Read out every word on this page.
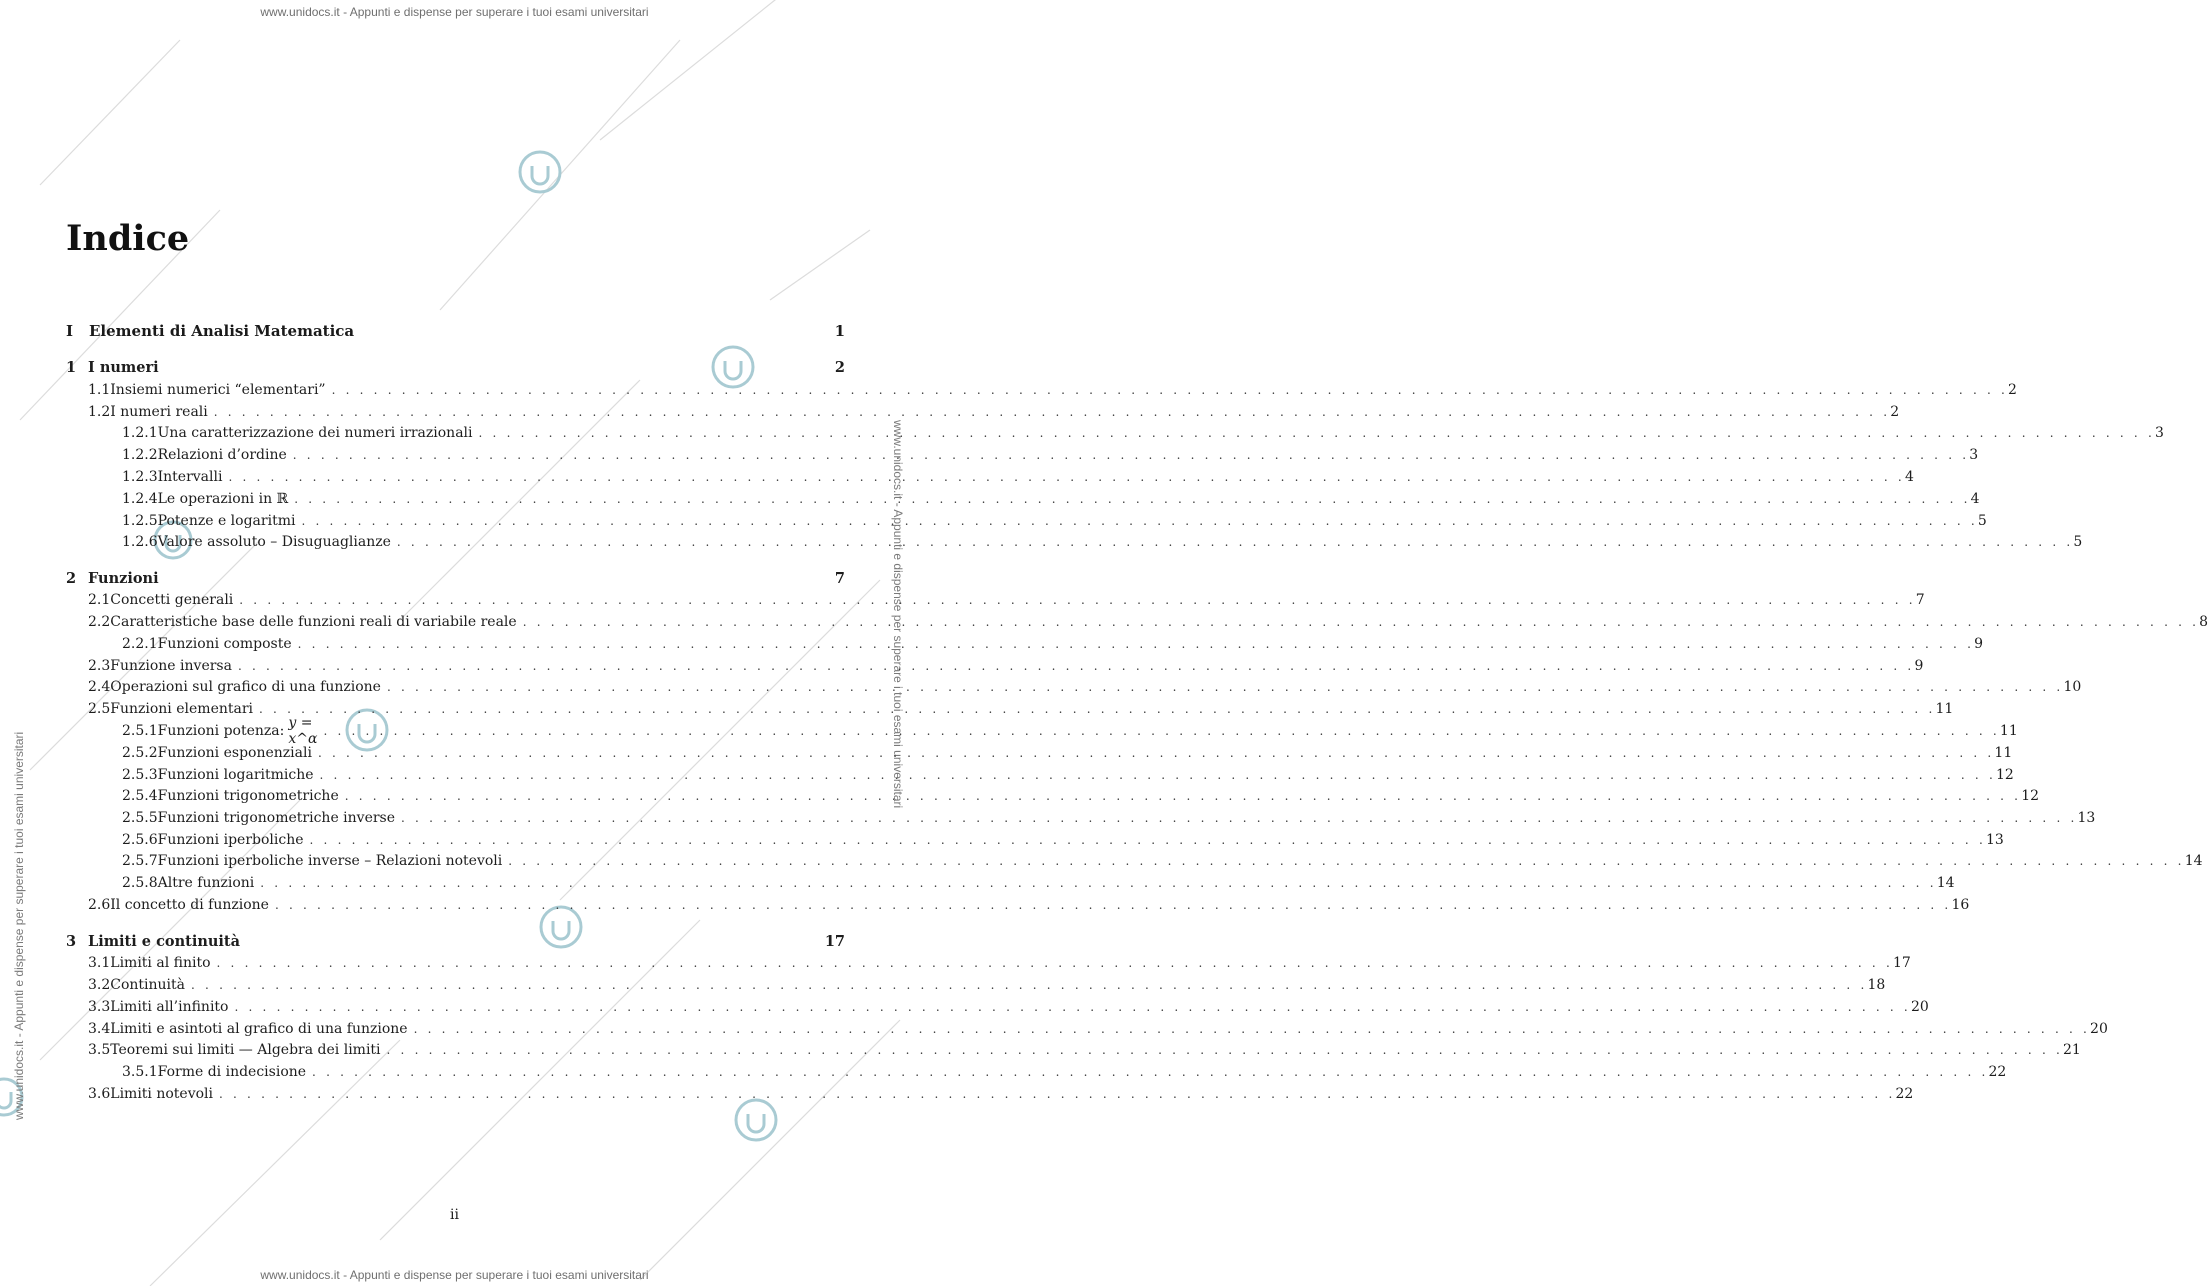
www.unidocs.it - Appunti e dispense per superare i tuoi esami universitari
www.unidocs.it - Appunti e dispense per superare i tuoi esami universitari
www.unidocs.it - Appunti e dispense per superare i tuoi esami universitari
www.unidocs.it - Appunti e dispense per superare i tuoi esami universitari
Indice
I	Elementi di Analisi Matematica	1
1 I numeri	2
1.1 Insiemi numerici “elementari” . . . . . . . . . . . . . . . . . . . . . . . . . . . . . . . . . . . . . . . . . . . . . . . . . . . . . . . . . . . . . . . . . . . . . . . . . . . . . . . . . . . . . . . . . . . . . . . . . . . . . . . . . . . . . . . . . . . . . . . . 2
1.2 I numeri reali . . . . . . . . . . . . . . . . . . . . . . . . . . . . . . . . . . . . . . . . . . . . . . . . . . . . . . . . . . . . . . . . . . . . . . . . . . . . . . . . . . . . . . . . . . . . . . . . . . . . . . . . . . . . . . . . . . . . . . . . 2
1.2.1 Una caratterizzazione dei numeri irrazionali . . . . . . . . . . . . . . . . . . . . . . . . . . . . . . . . . . . . . . . . . . . . . . . . . . . . . . . . . . . . . . . . . . . . . . . . . . . . . . . . . . . . . . . . . . . . . . . . . . . . . . . . . . . . . . . . . . . . . . . . 3
1.2.2 Relazioni d’ordine . . . . . . . . . . . . . . . . . . . . . . . . . . . . . . . . . . . . . . . . . . . . . . . . . . . . . . . . . . . . . . . . . . . . . . . . . . . . . . . . . . . . . . . . . . . . . . . . . . . . . . . . . . . . . . . . . . . . . . . . 3
1.2.3 Intervalli . . . . . . . . . . . . . . . . . . . . . . . . . . . . . . . . . . . . . . . . . . . . . . . . . . . . . . . . . . . . . . . . . . . . . . . . . . . . . . . . . . . . . . . . . . . . . . . . . . . . . . . . . . . . . . . . . . . . . . . . 4
1.2.4 Le operazioni in ℝ . . . . . . . . . . . . . . . . . . . . . . . . . . . . . . . . . . . . . . . . . . . . . . . . . . . . . . . . . . . . . . . . . . . . . . . . . . . . . . . . . . . . . . . . . . . . . . . . . . . . . . . . . . . . . . . . . . . . . . . . 4
1.2.5 Potenze e logaritmi . . . . . . . . . . . . . . . . . . . . . . . . . . . . . . . . . . . . . . . . . . . . . . . . . . . . . . . . . . . . . . . . . . . . . . . . . . . . . . . . . . . . . . . . . . . . . . . . . . . . . . . . . . . . . . . . . . . . . . . . 5
1.2.6 Valore assoluto – Disuguaglianze . . . . . . . . . . . . . . . . . . . . . . . . . . . . . . . . . . . . . . . . . . . . . . . . . . . . . . . . . . . . . . . . . . . . . . . . . . . . . . . . . . . . . . . . . . . . . . . . . . . . . . . . . . . . . . . . . . . . . . . . 5
2 Funzioni	7
2.1 Concetti generali . . . . . . . . . . . . . . . . . . . . . . . . . . . . . . . . . . . . . . . . . . . . . . . . . . . . . . . . . . . . . . . . . . . . . . . . . . . . . . . . . . . . . . . . . . . . . . . . . . . . . . . . . . . . . . . . . . . . . . . . 7
2.2 Caratteristiche base delle funzioni reali di variabile reale . . . . . . . . . . . . . . . . . . . . . . . . . . . . . . . . . . . . . . . . . . . . . . . . . . . . . . . . . . . . . . . . . . . . . . . . . . . . . . . . . . . . . . . . . . . . . . . . . . . . . . . . . . . . . . . . . . . . . . . . 8
2.2.1 Funzioni composte . . . . . . . . . . . . . . . . . . . . . . . . . . . . . . . . . . . . . . . . . . . . . . . . . . . . . . . . . . . . . . . . . . . . . . . . . . . . . . . . . . . . . . . . . . . . . . . . . . . . . . . . . . . . . . . . . . . . . . . . 9
2.3 Funzione inversa . . . . . . . . . . . . . . . . . . . . . . . . . . . . . . . . . . . . . . . . . . . . . . . . . . . . . . . . . . . . . . . . . . . . . . . . . . . . . . . . . . . . . . . . . . . . . . . . . . . . . . . . . . . . . . . . . . . . . . . . 9
2.4 Operazioni sul grafico di una funzione . . . . . . . . . . . . . . . . . . . . . . . . . . . . . . . . . . . . . . . . . . . . . . . . . . . . . . . . . . . . . . . . . . . . . . . . . . . . . . . . . . . . . . . . . . . . . . . . . . . . . . . . . . . . . . . . . . . . . . . . 10
2.5 Funzioni elementari . . . . . . . . . . . . . . . . . . . . . . . . . . . . . . . . . . . . . . . . . . . . . . . . . . . . . . . . . . . . . . . . . . . . . . . . . . . . . . . . . . . . . . . . . . . . . . . . . . . . . . . . . . . . . . . . . . . . . . . . 11
2.5.1 Funzioni potenza: y = x^α . . . . . . . . . . . . . . . . . . . . . . . . . . . . . . . . . . . . . . . . . . . . . . . . . . . . . . . . . . . . . . . . . . . . . . . . . . . . . . . . . . . . . . . . . . . . . . . . . . . . . . . . . . . . . . . . . . . . . . . . 11
2.5.2 Funzioni esponenziali . . . . . . . . . . . . . . . . . . . . . . . . . . . . . . . . . . . . . . . . . . . . . . . . . . . . . . . . . . . . . . . . . . . . . . . . . . . . . . . . . . . . . . . . . . . . . . . . . . . . . . . . . . . . . . . . . . . . . . . . 11
2.5.3 Funzioni logaritmiche . . . . . . . . . . . . . . . . . . . . . . . . . . . . . . . . . . . . . . . . . . . . . . . . . . . . . . . . . . . . . . . . . . . . . . . . . . . . . . . . . . . . . . . . . . . . . . . . . . . . . . . . . . . . . . . . . . . . . . . . 12
2.5.4 Funzioni trigonometriche . . . . . . . . . . . . . . . . . . . . . . . . . . . . . . . . . . . . . . . . . . . . . . . . . . . . . . . . . . . . . . . . . . . . . . . . . . . . . . . . . . . . . . . . . . . . . . . . . . . . . . . . . . . . . . . . . . . . . . . . 12
2.5.5 Funzioni trigonometriche inverse . . . . . . . . . . . . . . . . . . . . . . . . . . . . . . . . . . . . . . . . . . . . . . . . . . . . . . . . . . . . . . . . . . . . . . . . . . . . . . . . . . . . . . . . . . . . . . . . . . . . . . . . . . . . . . . . . . . . . . . . 13
2.5.6 Funzioni iperboliche . . . . . . . . . . . . . . . . . . . . . . . . . . . . . . . . . . . . . . . . . . . . . . . . . . . . . . . . . . . . . . . . . . . . . . . . . . . . . . . . . . . . . . . . . . . . . . . . . . . . . . . . . . . . . . . . . . . . . . . . 13
2.5.7 Funzioni iperboliche inverse – Relazioni notevoli . . . . . . . . . . . . . . . . . . . . . . . . . . . . . . . . . . . . . . . . . . . . . . . . . . . . . . . . . . . . . . . . . . . . . . . . . . . . . . . . . . . . . . . . . . . . . . . . . . . . . . . . . . . . . . . . . . . . . . . . 14
2.5.8 Altre funzioni . . . . . . . . . . . . . . . . . . . . . . . . . . . . . . . . . . . . . . . . . . . . . . . . . . . . . . . . . . . . . . . . . . . . . . . . . . . . . . . . . . . . . . . . . . . . . . . . . . . . . . . . . . . . . . . . . . . . . . . . 14
2.6 Il concetto di funzione . . . . . . . . . . . . . . . . . . . . . . . . . . . . . . . . . . . . . . . . . . . . . . . . . . . . . . . . . . . . . . . . . . . . . . . . . . . . . . . . . . . . . . . . . . . . . . . . . . . . . . . . . . . . . . . . . . . . . . . . 16
3 Limiti e continuità	17
3.1 Limiti al finito . . . . . . . . . . . . . . . . . . . . . . . . . . . . . . . . . . . . . . . . . . . . . . . . . . . . . . . . . . . . . . . . . . . . . . . . . . . . . . . . . . . . . . . . . . . . . . . . . . . . . . . . . . . . . . . . . . . . . . . . 17
3.2 Continuità . . . . . . . . . . . . . . . . . . . . . . . . . . . . . . . . . . . . . . . . . . . . . . . . . . . . . . . . . . . . . . . . . . . . . . . . . . . . . . . . . . . . . . . . . . . . . . . . . . . . . . . . . . . . . . . . . . . . . . . . 18
3.3 Limiti all’infinito . . . . . . . . . . . . . . . . . . . . . . . . . . . . . . . . . . . . . . . . . . . . . . . . . . . . . . . . . . . . . . . . . . . . . . . . . . . . . . . . . . . . . . . . . . . . . . . . . . . . . . . . . . . . . . . . . . . . . . . . 20
3.4 Limiti e asintoti al grafico di una funzione . . . . . . . . . . . . . . . . . . . . . . . . . . . . . . . . . . . . . . . . . . . . . . . . . . . . . . . . . . . . . . . . . . . . . . . . . . . . . . . . . . . . . . . . . . . . . . . . . . . . . . . . . . . . . . . . . . . . . . . . 20
3.5 Teoremi sui limiti — Algebra dei limiti . . . . . . . . . . . . . . . . . . . . . . . . . . . . . . . . . . . . . . . . . . . . . . . . . . . . . . . . . . . . . . . . . . . . . . . . . . . . . . . . . . . . . . . . . . . . . . . . . . . . . . . . . . . . . . . . . . . . . . . . 21
3.5.1 Forme di indecisione . . . . . . . . . . . . . . . . . . . . . . . . . . . . . . . . . . . . . . . . . . . . . . . . . . . . . . . . . . . . . . . . . . . . . . . . . . . . . . . . . . . . . . . . . . . . . . . . . . . . . . . . . . . . . . . . . . . . . . . . 22
3.6 Limiti notevoli . . . . . . . . . . . . . . . . . . . . . . . . . . . . . . . . . . . . . . . . . . . . . . . . . . . . . . . . . . . . . . . . . . . . . . . . . . . . . . . . . . . . . . . . . . . . . . . . . . . . . . . . . . . . . . . . . . . . . . . . 22
ii
